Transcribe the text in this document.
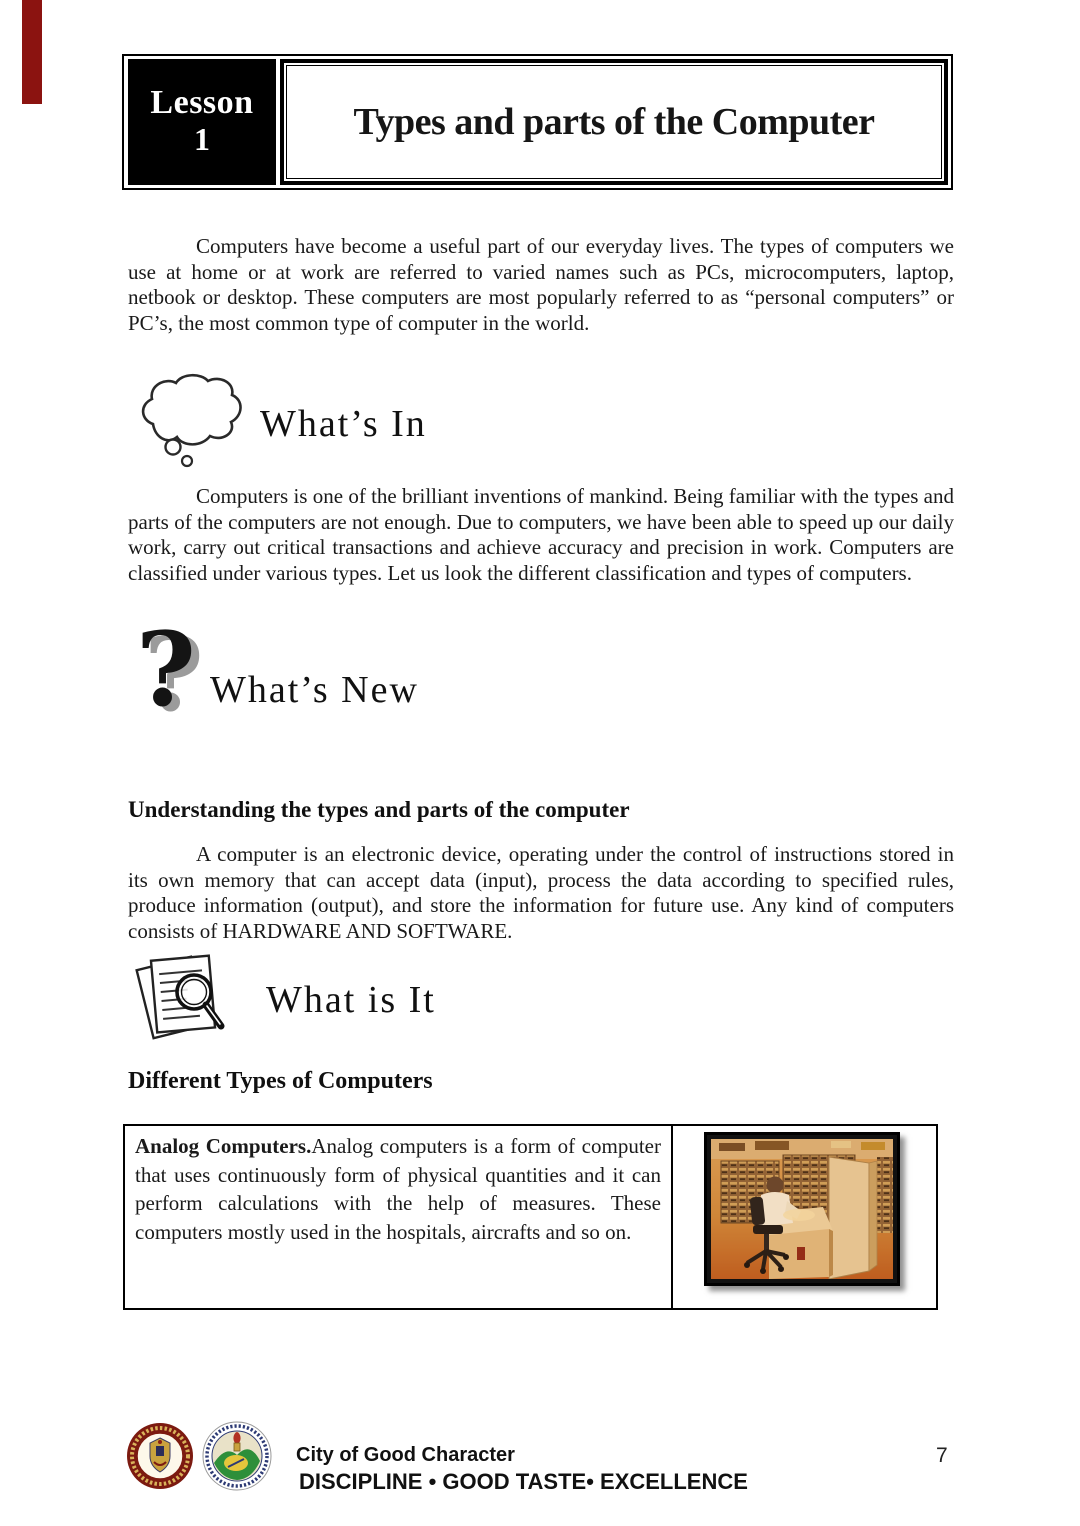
Lesson
1	Types and parts of the Computer
Computers have become a useful part of our everyday lives. The types of computers we use at home or at work are referred to varied names such as PCs, microcomputers, laptop, netbook or desktop. These computers are most popularly referred to as “personal computers” or PC’s, the most common type of computer in the world.
What’s In
Computers is one of the brilliant inventions of mankind. Being familiar with the types and parts of the computers are not enough. Due to computers, we have been able to speed up our daily work, carry out critical transactions and achieve accuracy and precision in work. Computers are classified under various types. Let us look the different classification and types of computers.
? What’s New
Understanding the types and parts of the computer
A computer is an electronic device, operating under the control of instructions stored in its own memory that can accept data (input), process the data according to specified rules, produce information (output), and store the information for future use. Any kind of computers consists of HARDWARE AND SOFTWARE.
What is It
Different Types of Computers
Analog Computers.Analog computers is a form of computer that uses continuously form of physical quantities and it can perform calculations with the help of measures. These computers mostly used in the hospitals, aircrafts and so on.
City of Good Character
DISCIPLINE • GOOD TASTE• EXCELLENCE
7
